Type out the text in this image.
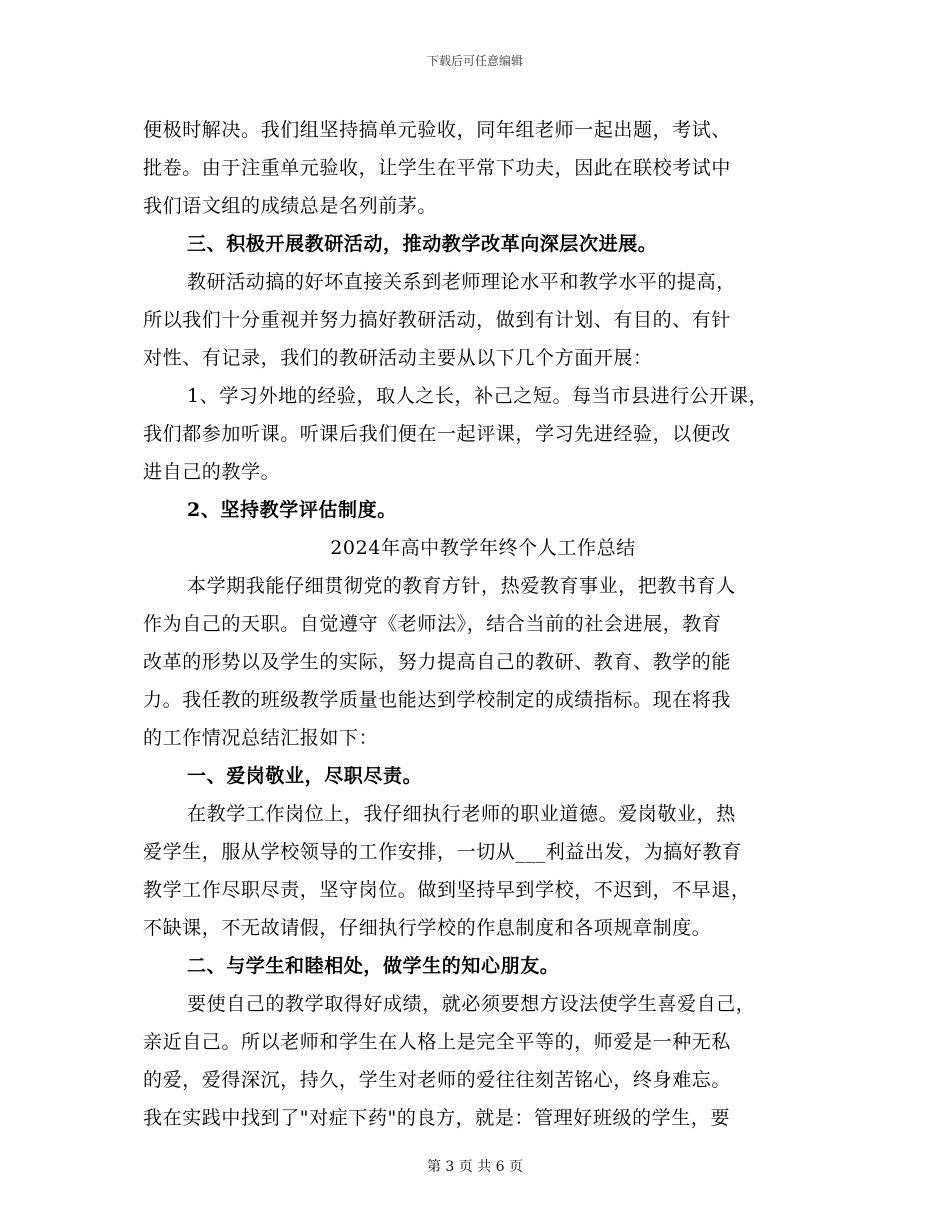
下载后可任意编辑
便极时解决。我们组坚持搞单元验收，同年组老师一起出题，考试、
批卷。由于注重单元验收，让学生在平常下功夫，因此在联校考试中
我们语文组的成绩总是名列前茅。
三、积极开展教研活动，推动教学改革向深层次进展。
教研活动搞的好坏直接关系到老师理论水平和教学水平的提高，
所以我们十分重视并努力搞好教研活动，做到有计划、有目的、有针
对性、有记录，我们的教研活动主要从以下几个方面开展：
1、学习外地的经验，取人之长，补己之短。每当市县进行公开课，
我们都参加听课。听课后我们便在一起评课，学习先进经验，以便改
进自己的教学。
2、坚持教学评估制度。
2024年高中教学年终个人工作总结
本学期我能仔细贯彻党的教育方针，热爱教育事业，把教书育人
作为自己的天职。自觉遵守《老师法》，结合当前的社会进展，教育
改革的形势以及学生的实际，努力提高自己的教研、教育、教学的能
力。我任教的班级教学质量也能达到学校制定的成绩指标。现在将我
的工作情况总结汇报如下：
一、爱岗敬业，尽职尽责。
在教学工作岗位上，我仔细执行老师的职业道德。爱岗敬业，热
爱学生，服从学校领导的工作安排，一切从___利益出发，为搞好教育
教学工作尽职尽责，坚守岗位。做到坚持早到学校，不迟到，不早退，
不缺课，不无故请假，仔细执行学校的作息制度和各项规章制度。
二、与学生和睦相处，做学生的知心朋友。
要使自己的教学取得好成绩，就必须要想方设法使学生喜爱自己，
亲近自己。所以老师和学生在人格上是完全平等的，师爱是一种无私
的爱，爱得深沉，持久，学生对老师的爱往往刻苦铭心，终身难忘。
我在实践中找到了"对症下药"的良方，就是：管理好班级的学生，要
第 3 页 共 6 页
